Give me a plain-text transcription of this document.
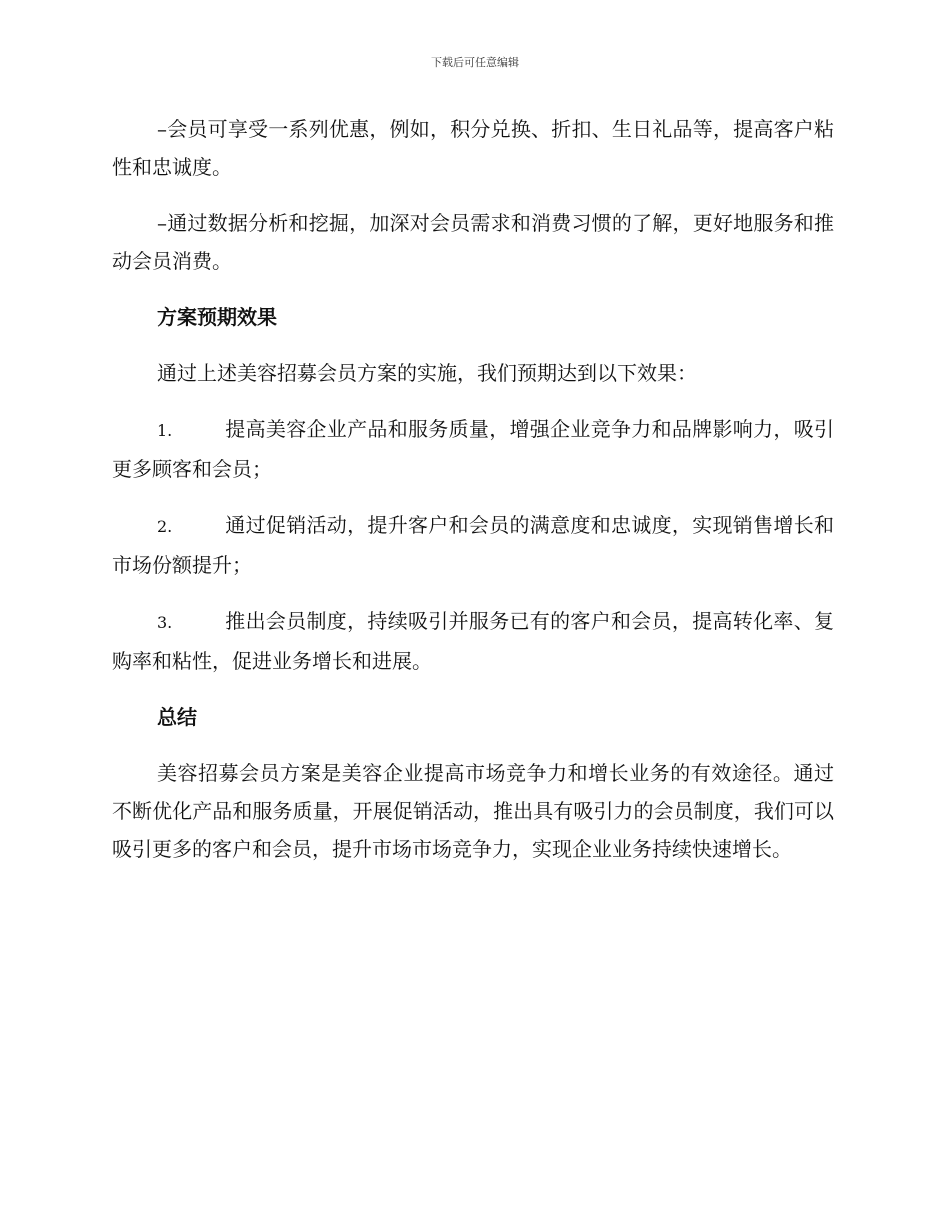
下载后可任意编辑

–会员可享受一系列优惠，例如，积分兑换、折扣、生日礼品等，提高客户粘性和忠诚度。

–通过数据分析和挖掘，加深对会员需求和消费习惯的了解，更好地服务和推动会员消费。

方案预期效果

通过上述美容招募会员方案的实施，我们预期达到以下效果：

1.	提高美容企业产品和服务质量，增强企业竞争力和品牌影响力，吸引更多顾客和会员；

2.	通过促销活动，提升客户和会员的满意度和忠诚度，实现销售增长和市场份额提升；

3.	推出会员制度，持续吸引并服务已有的客户和会员，提高转化率、复购率和粘性，促进业务增长和进展。

总结

美容招募会员方案是美容企业提高市场竞争力和增长业务的有效途径。通过不断优化产品和服务质量，开展促销活动，推出具有吸引力的会员制度，我们可以吸引更多的客户和会员，提升市场市场竞争力，实现企业业务持续快速增长。
